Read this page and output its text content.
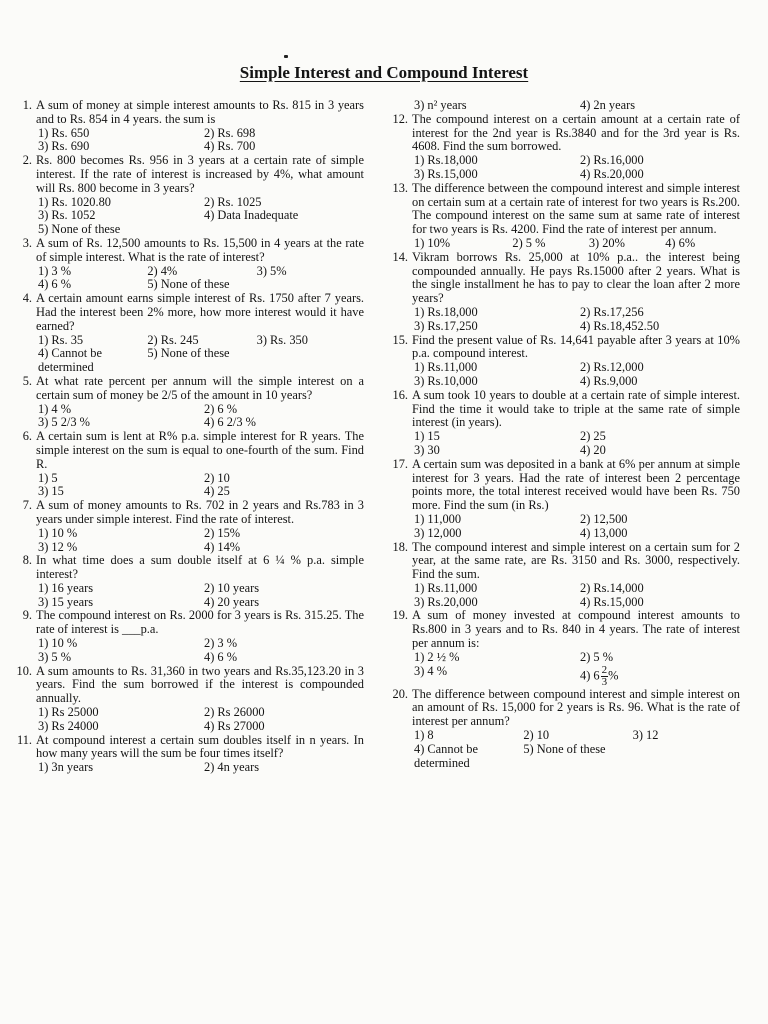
Simple Interest and Compound Interest
1. A sum of money at simple interest amounts to Rs. 815 in 3 years and to Rs. 854 in 4 years. the sum is
1) Rs. 650	2) Rs. 698
3) Rs. 690	4) Rs. 700
2. Rs. 800 becomes Rs. 956 in 3 years at a certain rate of simple interest. If the rate of interest is increased by 4%, what amount will Rs. 800 become in 3 years?
1) Rs. 1020.80	2) Rs. 1025
3) Rs. 1052	4) Data Inadequate
5) None of these
3. A sum of Rs. 12,500 amounts to Rs. 15,500 in 4 years at the rate of simple interest. What is the rate of interest?
1) 3 %	2) 4%	3) 5%
4) 6 %	5) None of these
4. A certain amount earns simple interest of Rs. 1750 after 7 years. Had the interest been 2% more, how more interest would it have earned?
1) Rs. 35	2) Rs. 245	3) Rs. 350
4) Cannot be determined
5) None of these
5. At what rate percent per annum will the simple interest on a certain sum of money be 2/5 of the amount in 10 years?
1) 4 %	2) 6 %
3) 5 2/3 %	4) 6 2/3 %
6. A certain sum is lent at R% p.a. simple interest for R years. The simple interest on the sum is equal to one-fourth of the sum. Find R.
1) 5	2) 10
3) 15	4) 25
7. A sum of money amounts to Rs. 702 in 2 years and Rs.783 in 3 years under simple interest. Find the rate of interest.
1) 10 %	2) 15%
3) 12 %	4) 14%
8. In what time does a sum double itself at 6 ¼ % p.a. simple interest?
1) 16 years	2) 10 years
3) 15 years	4) 20 years
9. The compound interest on Rs. 2000 for 3 years is Rs. 315.25. The rate of interest is ___p.a.
1) 10 %	2) 3 %
3) 5 %	4) 6 %
10. A sum amounts to Rs. 31,360 in two years and Rs.35,123.20 in 3 years. Find the sum borrowed if the interest is compounded annually.
1) Rs 25000	2) Rs 26000
3) Rs 24000	4) Rs 27000
11. At compound interest a certain sum doubles itself in n years. In how many years will the sum be four times itself?
1) 3n years	2) 4n years
3) n² years	4) 2n years
12. The compound interest on a certain amount at a certain rate of interest for the 2nd year is Rs.3840 and for the 3rd year is Rs. 4608. Find the sum borrowed.
1) Rs.18,000	2) Rs.16,000
3) Rs.15,000	4) Rs.20,000
13. The difference between the compound interest and simple interest on certain sum at a certain rate of interest for two years is Rs.200. The compound interest on the same sum at same rate of interest for two years is Rs. 4200. Find the rate of interest per annum.
1) 10%	2) 5 %	3) 20%	4) 6%
14. Vikram borrows Rs. 25,000 at 10% p.a.. the interest being compounded annually. He pays Rs.15000 after 2 years. What is the single installment he has to pay to clear the loan after 2 more years?
1) Rs.18,000	2) Rs.17,256
3) Rs.17,250	4) Rs.18,452.50
15. Find the present value of Rs. 14,641 payable after 3 years at 10% p.a. compound interest.
1) Rs.11,000	2) Rs.12,000
3) Rs.10,000	4) Rs.9,000
16. A sum took 10 years to double at a certain rate of simple interest. Find the time it would take to triple at the same rate of simple interest (in years).
1) 15	2) 25
3) 30	4) 20
17. A certain sum was deposited in a bank at 6% per annum at simple interest for 3 years. Had the rate of interest been 2 percentage points more, the total interest received would have been Rs. 750 more. Find the sum (in Rs.)
1) 11,000	2) 12,500
3) 12,000	4) 13,000
18. The compound interest and simple interest on a certain sum for 2 year, at the same rate, are Rs. 3150 and Rs. 3000, respectively. Find the sum.
1) Rs.11,000	2) Rs.14,000
3) Rs.20,000	4) Rs.15,000
19. A sum of money invested at compound interest amounts to Rs.800 in 3 years and to Rs. 840 in 4 years. The rate of interest per annum is:
1) 2 ½ %	2) 5 %
3) 4 %	4) $6 \frac{2}{3}$ %
20. The difference between compound interest and simple interest on an amount of Rs. 15,000 for 2 years is Rs. 96. What is the rate of interest per annum?
1) 8	2) 10	3) 12
4) Cannot be determined
5) None of these
